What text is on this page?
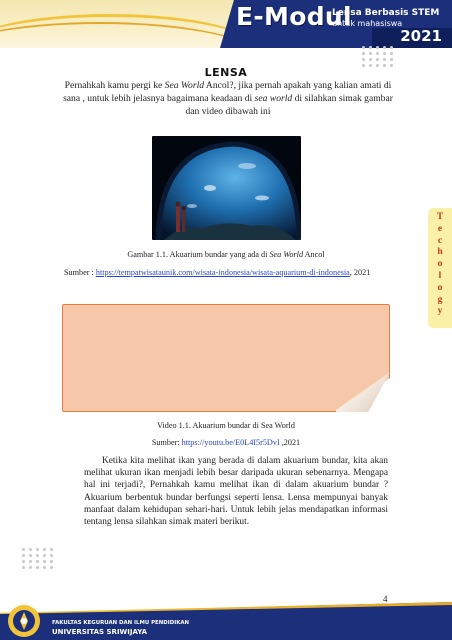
E-Modul
Lensa Berbasis STEM
untuk mahasiswa
2021
LENSA
Pernahkah kamu pergi ke Sea World Ancol?, jika pernah apakah yang kalian amati di sana , untuk lebih jelasnya bagaimana keadaan di sea world di silahkan simak gambar dan video dibawah ini
Gambar 1.1. Akuarium bundar yang ada di Sea World Ancol
Sumber : https://tempatwisataunik.com/wisata-indonesia/wisata-aquarium-di-indonesia, 2021
Video 1.1. Akuarium bundar di Sea World
Sumber: https://youtu.be/E0L4I5r5DvI ,2021
Ketika kita melihat ikan yang berada di dalam akuarium bundar, kita akan melihat ukuran ikan menjadi lebih besar daripada ukuran sebenarnya. Mengapa hal ini terjadi?, Pernahkah kamu melihat ikan di dalam akuarium bundar ? Akuarium berbentuk bundar berfungsi seperti lensa. Lensa mempunyai banyak manfaat dalam kehidupan sehari-hari. Untuk lebih jelas mendapatkan informasi tentang lensa silahkan simak materi berikut.
4
T
e
c
h
o
l
o
g
y
FAKULTAS KEGURUAN DAN ILMU PENDIDIKAN
UNIVERSITAS SRIWIJAYA
